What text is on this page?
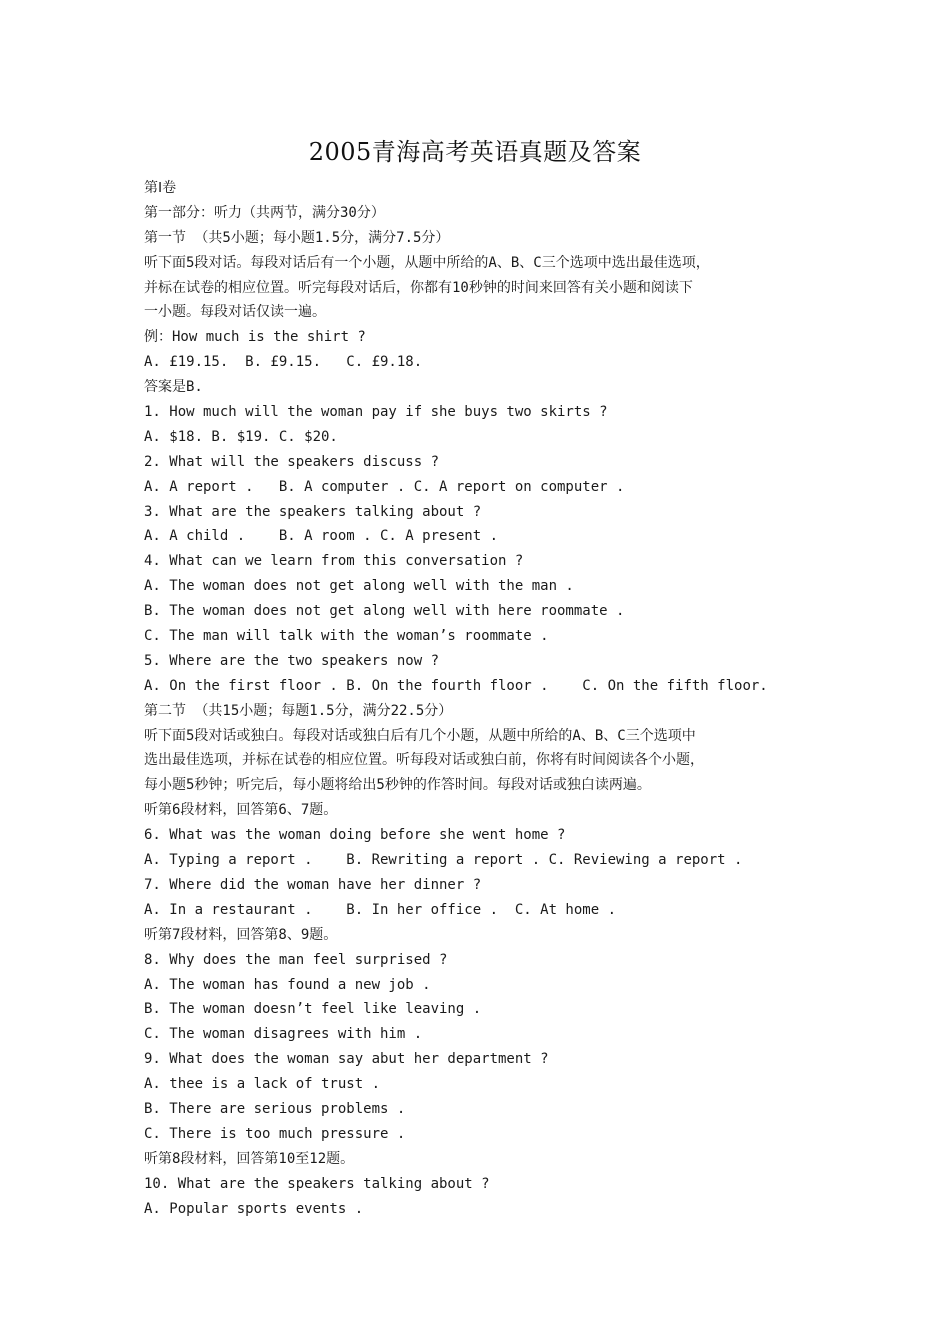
2005青海高考英语真题及答案
第Ⅰ卷
第一部分：听力（共两节，满分30分）
第一节 （共5小题；每小题1.5分，满分7.5分）
听下面5段对话。每段对话后有一个小题，从题中所给的A、B、C三个选项中选出最佳选项，
并标在试卷的相应位置。听完每段对话后，你都有10秒钟的时间来回答有关小题和阅读下
一小题。每段对话仅读一遍。
例：How much is the shirt ?
A. £19.15.  B. £9.15.   C. £9.18.
答案是B.
1. How much will the woman pay if she buys two skirts ?
A. $18. B. $19. C. $20.
2. What will the speakers discuss ?
A. A report .   B. A computer . C. A report on computer .
3. What are the speakers talking about ?
A. A child .    B. A room . C. A present .
4. What can we learn from this conversation ?
A. The woman does not get along well with the man .
B. The woman does not get along well with here roommate .
C. The man will talk with the woman’s roommate .
5. Where are the two speakers now ?
A. On the first floor . B. On the fourth floor .    C. On the fifth floor.
第二节 （共15小题；每题1.5分，满分22.5分）
听下面5段对话或独白。每段对话或独白后有几个小题，从题中所给的A、B、C三个选项中
选出最佳选项，并标在试卷的相应位置。听每段对话或独白前，你将有时间阅读各个小题，
每小题5秒钟；听完后，每小题将给出5秒钟的作答时间。每段对话或独白读两遍。
听第6段材料，回答第6、7题。
6. What was the woman doing before she went home ?
A. Typing a report .    B. Rewriting a report . C. Reviewing a report .
7. Where did the woman have her dinner ?
A. In a restaurant .    B. In her office .  C. At home .
听第7段材料，回答第8、9题。
8. Why does the man feel surprised ?
A. The woman has found a new job .
B. The woman doesn’t feel like leaving .
C. The woman disagrees with him .
9. What does the woman say abut her department ?
A. thee is a lack of trust .
B. There are serious problems .
C. There is too much pressure .
听第8段材料，回答第10至12题。
10. What are the speakers talking about ?
A. Popular sports events .
